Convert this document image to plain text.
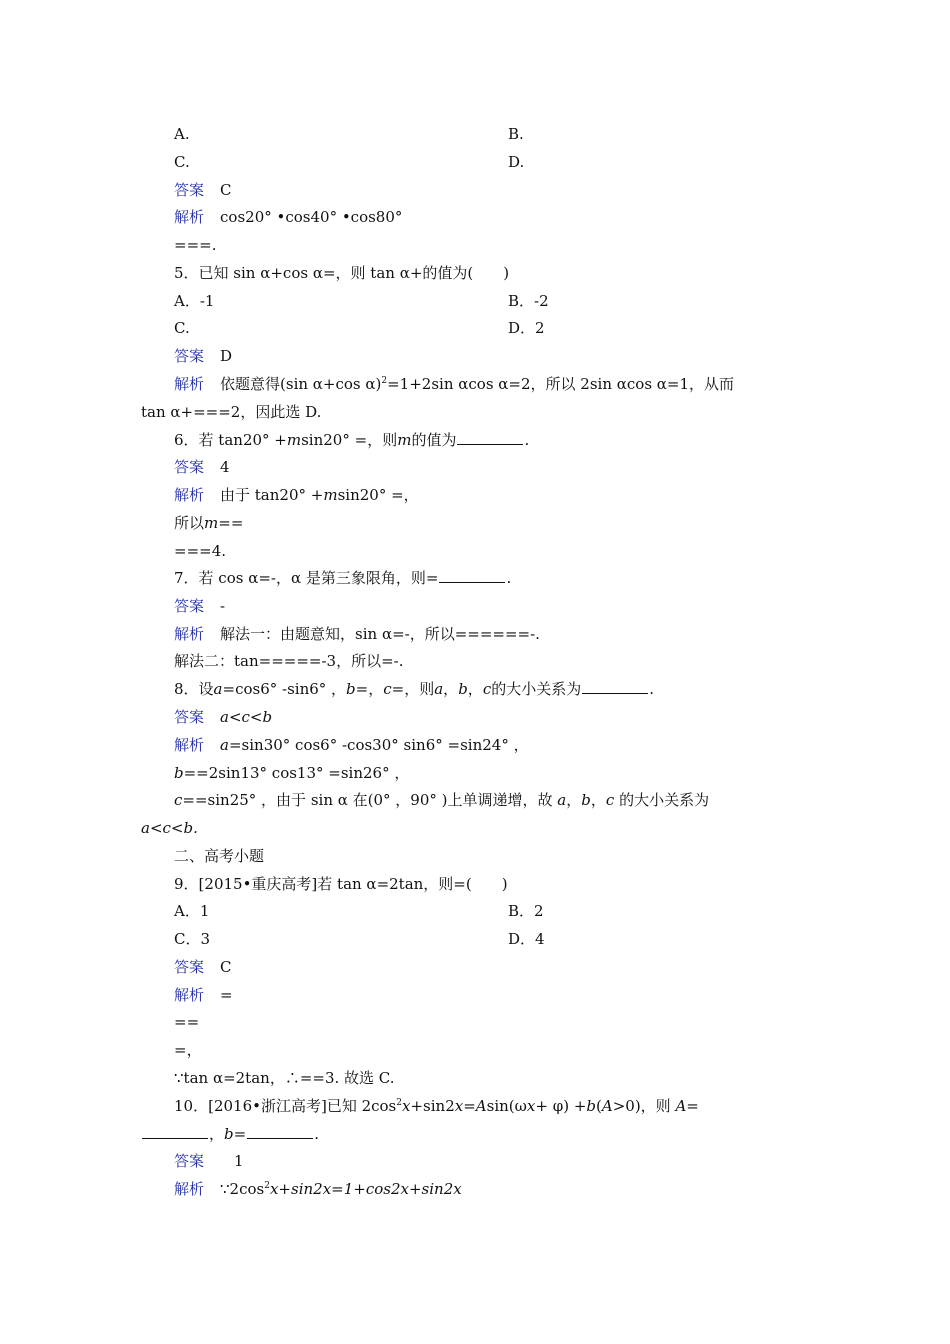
A.	B.
C.	D.
答案 C
解析 cos20° •cos40° •cos80°
===.
5．已知 sin α+cos α=，则 tan α+的值为(　　)
A．-1	B．-2
C.	D．2
答案 D
解析 依题意得(sin α+cos α)$^2$=1+2sin αcos α=2，所以 2sin αcos α=1，从而
tan α+===2，因此选 D.
6．若 tan20° +msin20° =，则m的值为	.
答案 4
解析 由于 tan20° +msin20° =，
所以m==
===4.
7．若 cos α=-，α 是第三象限角，则=	.
答案 -
解析 解法一：由题意知，sin α=-，所以======-.
解法二：tan=====-3，所以=-.
8．设a=cos6° -sin6° ，b=，c=，则a，b，c的大小关系为	.
答案 a<c<b
解析 a=sin30° cos6° -cos30° sin6° =sin24° ，
b==2sin13° cos13° =sin26° ，
c==sin25° ，由于 sin α 在(0° ，90° )上单调递增，故 a，b，c 的大小关系为
a<c<b.
二、高考小题
9．[2015•重庆高考]若 tan α=2tan，则=(　　)
A．1	B．2
C．3	D．4
答案 C
解析 =
==
=，
∵tan α=2tan，∴==3. 故选 C.
10．[2016•浙江高考]已知 $2\cos^2x+\sin 2x=Asin(\omega x+ \varphi) +b(A>0)$，则 A=
，b=	.
答案 1
解析 $\because 2\cos^2x+\sin 2x=1+\cos 2x+\sin 2x$
